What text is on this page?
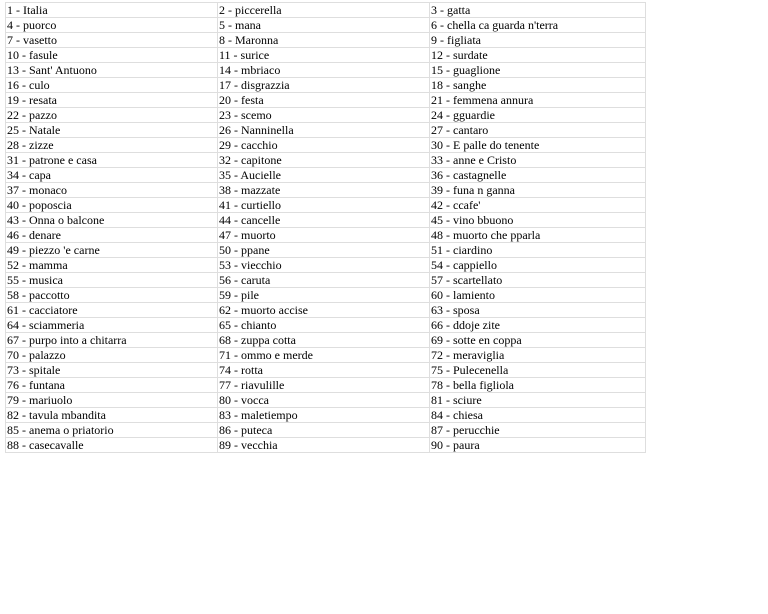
1 - Italia	2 - piccerella	3 - gatta
4 - puorco	5 - mana	6 - chella ca guarda n'terra
7 - vasetto	8 - Maronna	9 - figliata
10 - fasule	11 - surice	12 - surdate
13 - Sant' Antuono	14 - mbriaco	15 - guaglione
16 - culo	17 - disgrazzia	18 - sanghe
19 - resata	20 - festa	21 - femmena annura
22 - pazzo	23 - scemo	24 - gguardie
25 - Natale	26 - Nanninella	27 - cantaro
28 - zizze	29 - cacchio	30 - E palle do tenente
31 - patrone e casa	32 - capitone	33 - anne e Cristo
34 - capa	35 - Aucielle	36 - castagnelle
37 - monaco	38 - mazzate	39 - funa n ganna
40 - poposcia	41 - curtiello	42 - ccafe'
43 - Onna o balcone	44 - cancelle	45 - vino bbuono
46 - denare	47 - muorto	48 - muorto che pparla
49 - piezzo 'e carne	50 - ppane	51 - ciardino
52 - mamma	53 - viecchio	54 - cappiello
55 - musica	56 - caruta	57 - scartellato
58 - paccotto	59 - pile	60 - lamiento
61 - cacciatore	62 - muorto accise	63 - sposa
64 - sciammeria	65 - chianto	66 - ddoje zite
67 - purpo into a chitarra	68 - zuppa cotta	69 - sotte en coppa
70 - palazzo	71 - ommo e merde	72 - meraviglia
73 - spitale	74 - rotta	75 - Pulecenella
76 - funtana	77 - riavulille	78 - bella figliola
79 - mariuolo	80 - vocca	81 - sciure
82 - tavula mbandita	83 - maletiempo	84 - chiesa
85 - anema o priatorio	86 - puteca	87 - perucchie
88 - casecavalle	89 - vecchia	90 - paura
